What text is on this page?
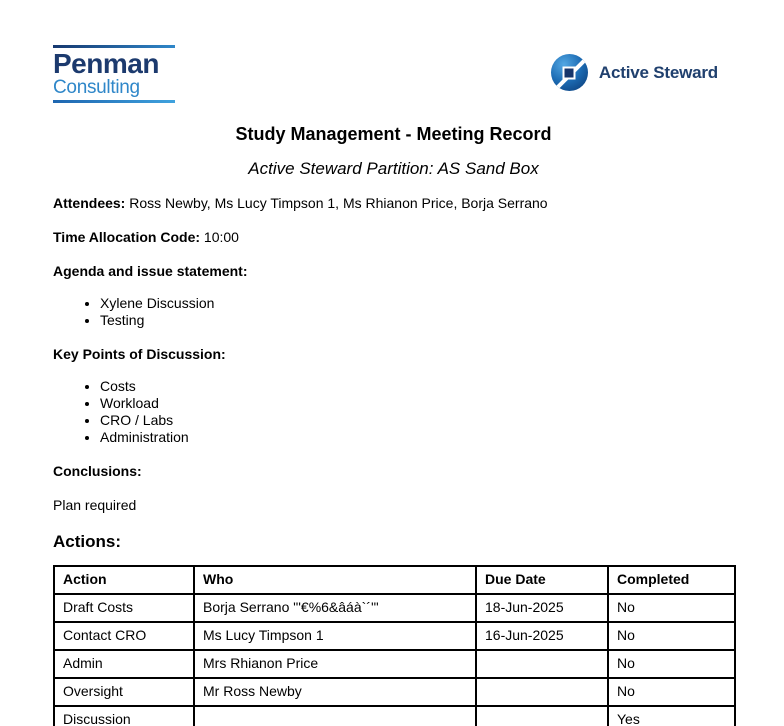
Penman
Consulting
Active Steward
Study Management - Meeting Record
Active Steward Partition: AS Sand Box

Attendees: Ross Newby, Ms Lucy Timpson 1, Ms Rhianon Price, Borja Serrano

Time Allocation Code: 10:00

Agenda and issue statement:

• Xylene Discussion
• Testing

Key Points of Discussion:

• Costs
• Workload
• CRO / Labs
• Administration

Conclusions:

Plan required

Actions:

Action	Who	Due Date	Completed
Draft Costs	Borja Serrano "'€%6&âáà`´'"	18-Jun-2025	No
Contact CRO	Ms Lucy Timpson 1	16-Jun-2025	No
Admin	Mrs Rhianon Price		No
Oversight	Mr Ross Newby		No
Discussion			Yes
